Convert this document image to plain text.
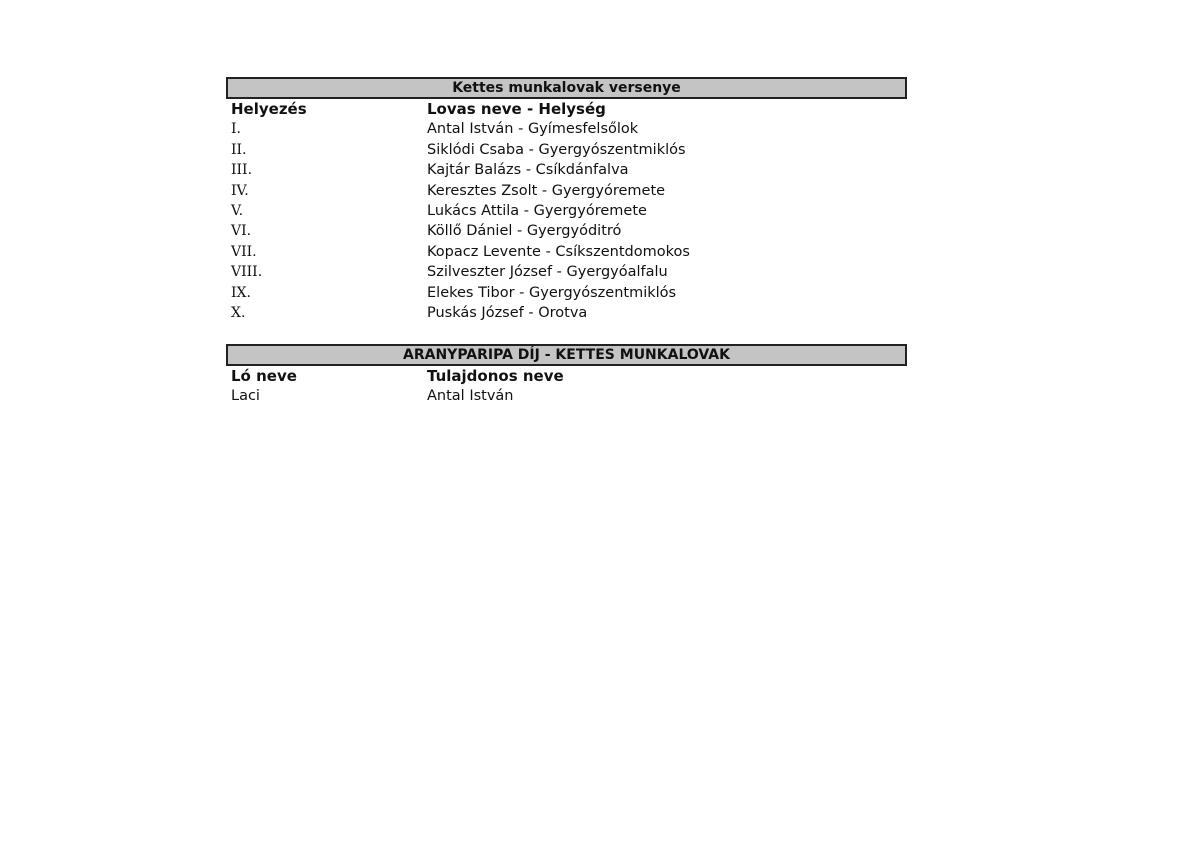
Kettes munkalovak versenye
Helyezés	Lovas neve - Helység
I.	Antal István - Gyímesfelsőlok
II.	Siklódi Csaba - Gyergyószentmiklós
III.	Kajtár Balázs - Csíkdánfalva
IV.	Keresztes Zsolt - Gyergyóremete
V.	Lukács Attila - Gyergyóremete
VI.	Köllő Dániel - Gyergyóditró
VII.	Kopacz Levente - Csíkszentdomokos
VIII.	Szilveszter József - Gyergyóalfalu
IX.	Elekes Tibor - Gyergyószentmiklós
X.	Puskás József - Orotva
ARANYPARIPA DÍJ - KETTES MUNKALOVAK
Ló neve	Tulajdonos neve
Laci	Antal István
